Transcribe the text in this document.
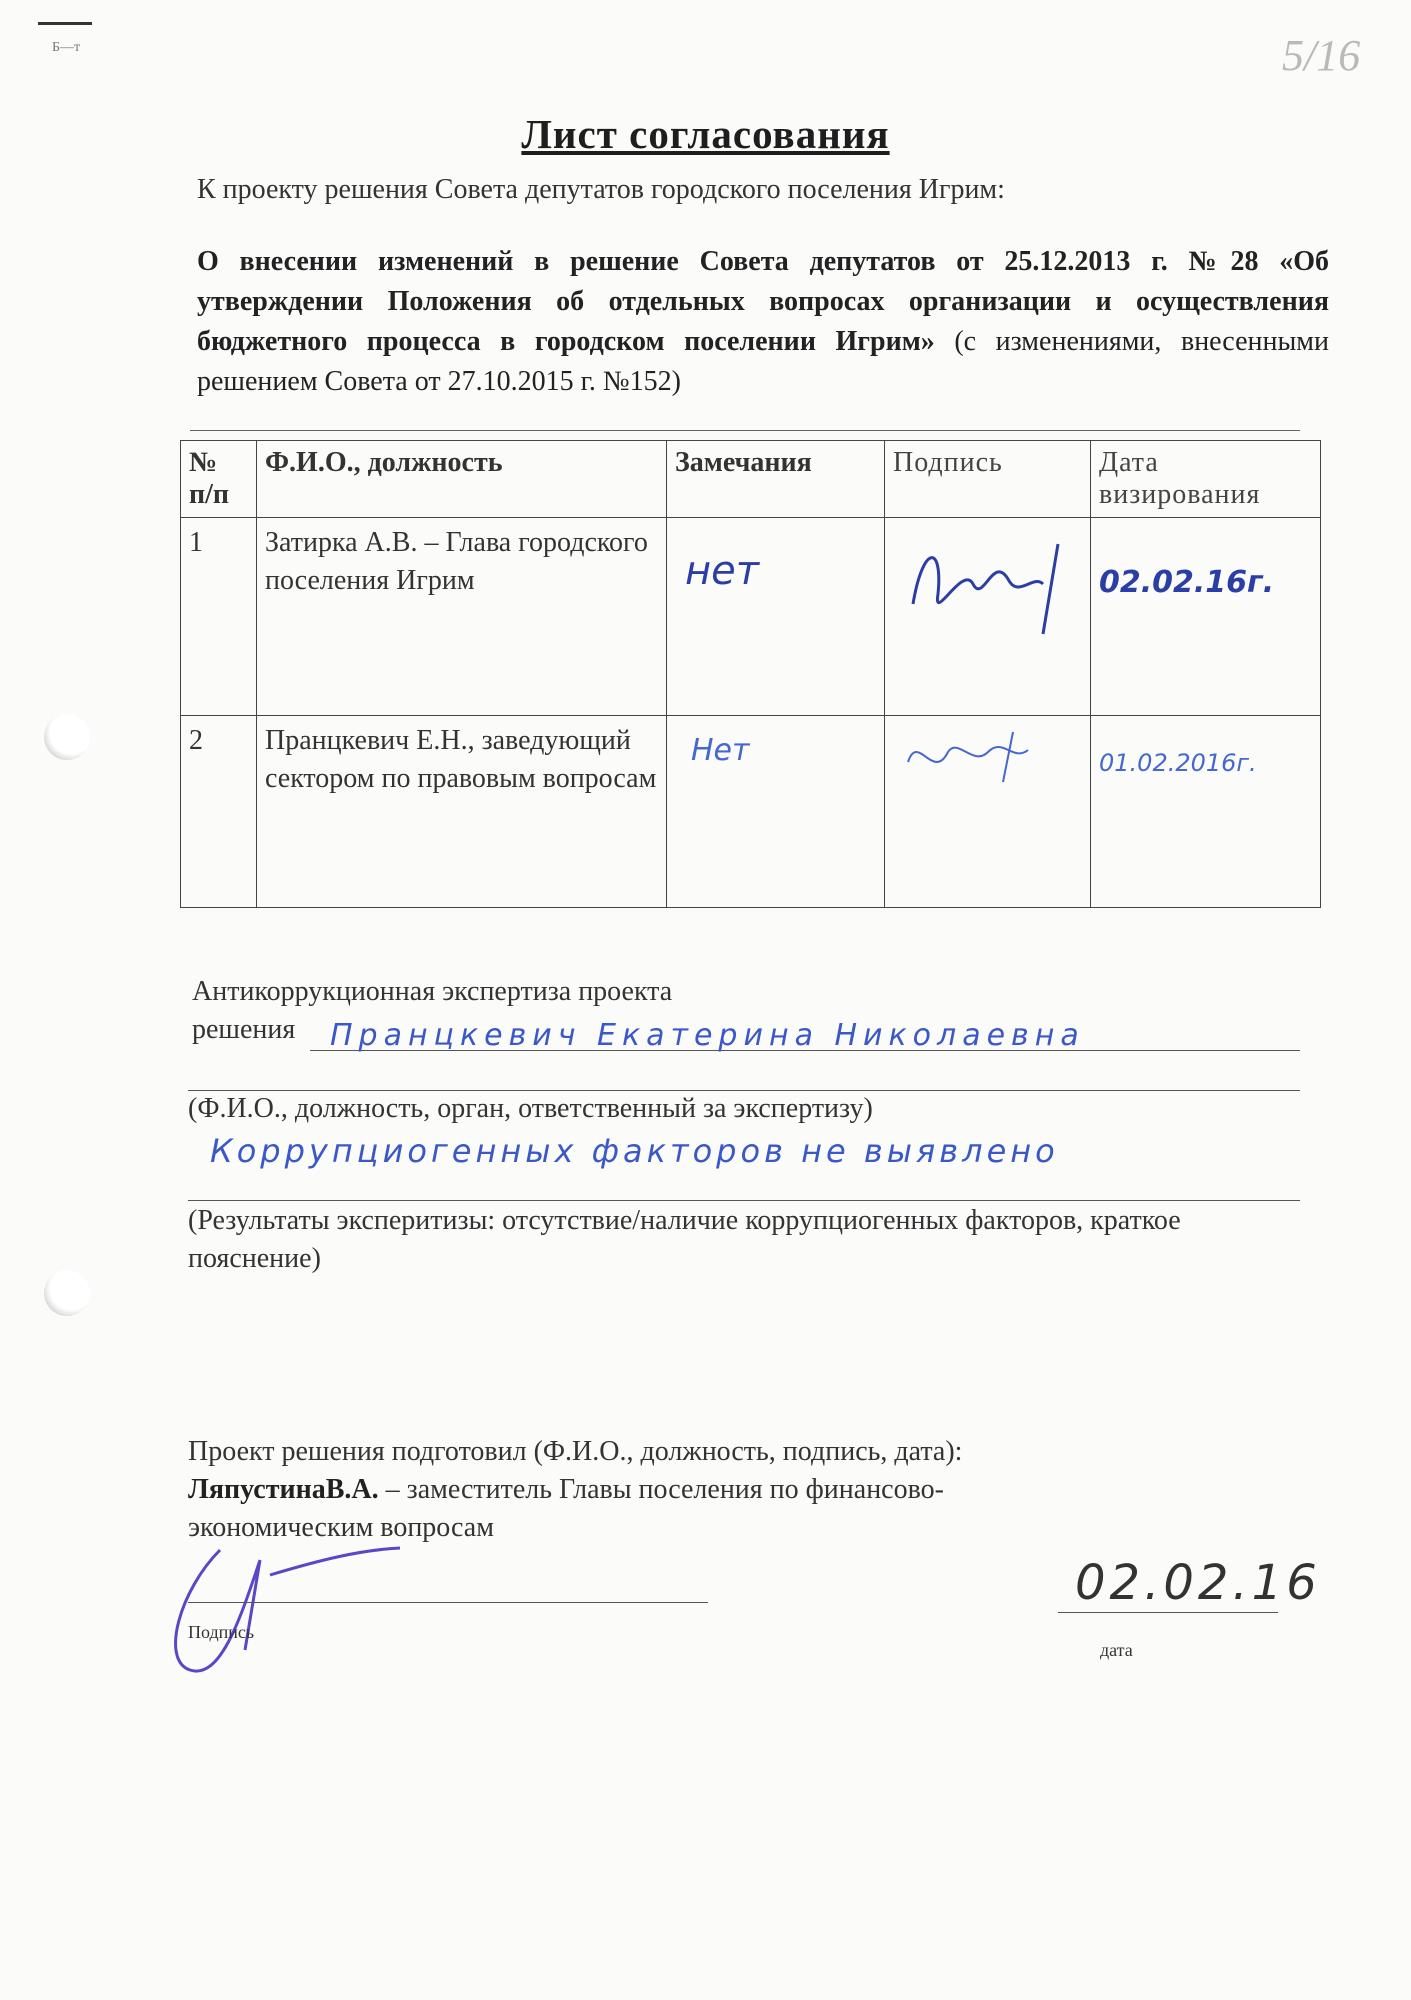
Б—т	5/16
Лист согласования
К проекту решения Совета депутатов городского поселения Игрим:
О внесении изменений в решение Совета депутатов от 25.12.2013 г. №28 «Об утверждении Положения об отдельных вопросах организации и осуществления бюджетного процесса в городском поселении Игрим» (с изменениями, внесенными решением Совета от 27.10.2015 г. №152)
№ п/п	Ф.И.О., должность	Замечания	Подпись	Дата визирования
1	Затирка А.В. – Глава городского поселения Игрим	нет		02.02.16г.

2	Пранцкевич Е.Н., заведующий сектором по правовым вопросам	Нет		01.02.2016г.
Антикоррукционная экспертиза проекта
решения	Пранцкевич Екатерина Николаевна
(Ф.И.О., должность, орган, ответственный за экспертизу)
Коррупциогенных факторов не выявлено
(Результаты эксперитизы: отсутствие/наличие коррупциогенных факторов, краткое пояснение)
Проект решения подготовил (Ф.И.О., должность, подпись, дата):
ЛяпустинаВ.А. – заместитель Главы поселения по финансово-экономическим вопросам
Подпись
02.02.16
дата
